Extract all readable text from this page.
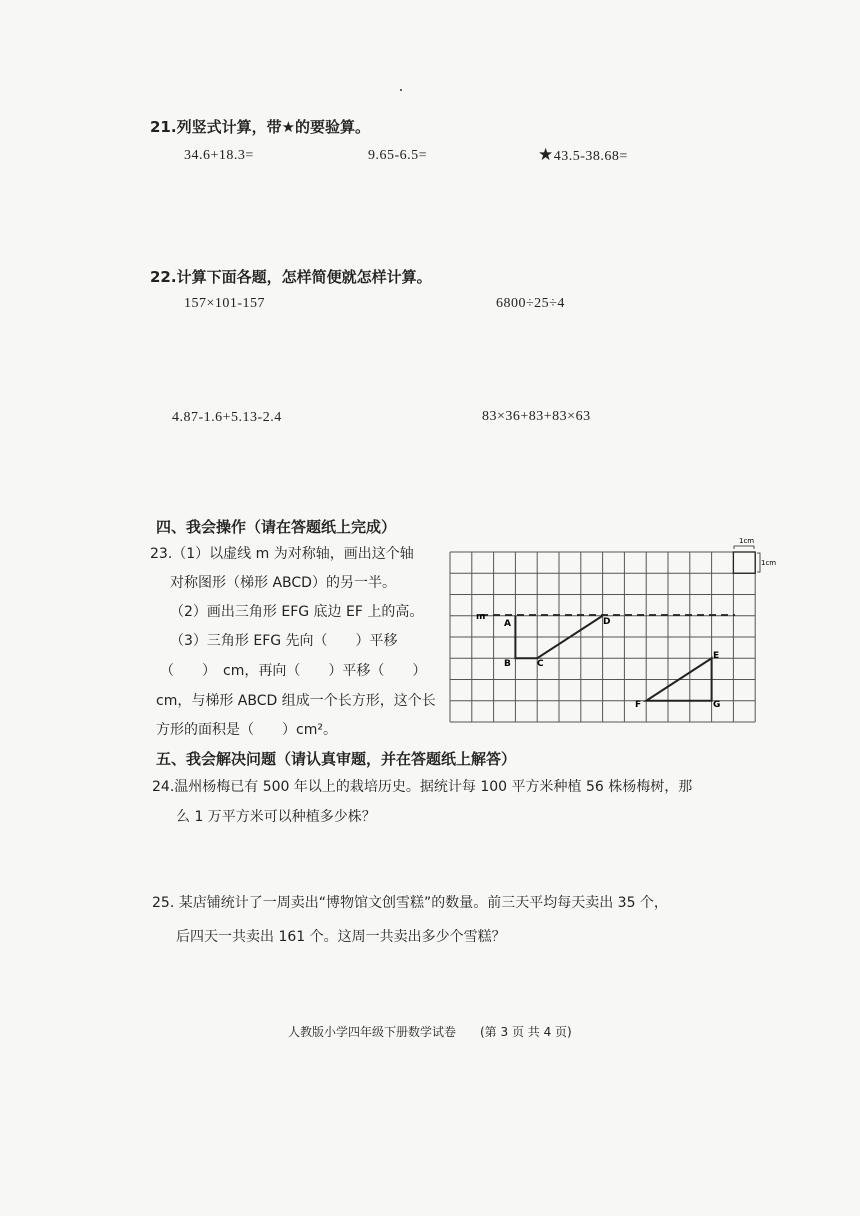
21.列竖式计算，带★的要验算。
34.6+18.3=	9.65-6.5=	★43.5-38.68=
22.计算下面各题，怎样简便就怎样计算。
157×101-157	6800÷25÷4
4.87-1.6+5.13-2.4	83×36+83+83×63
四、我会操作（请在答题纸上完成）
23.（1）以虚线 m 为对称轴，画出这个轴
对称图形（梯形 ABCD）的另一半。
（2）画出三角形 EFG 底边 EF 上的高。
（3）三角形 EFG 先向（　　）平移
（　　）　cm，再向（　　）平移（　　）
cm，与梯形 ABCD 组成一个长方形，这个长
方形的面积是（　　）cm²。
m
A
B	C
D
E
F	G
1cm
1cm
五、我会解决问题（请认真审题，并在答题纸上解答）
24.温州杨梅已有 500 年以上的栽培历史。据统计每 100 平方米种植 56 株杨梅树，那
么 1 万平方米可以种植多少株？
25. 某店铺统计了一周卖出“博物馆文创雪糕”的数量。前三天平均每天卖出 35 个，
后四天一共卖出 161 个。这周一共卖出多少个雪糕？
人教版小学四年级下册数学试卷　　(第 3 页 共 4 页)
